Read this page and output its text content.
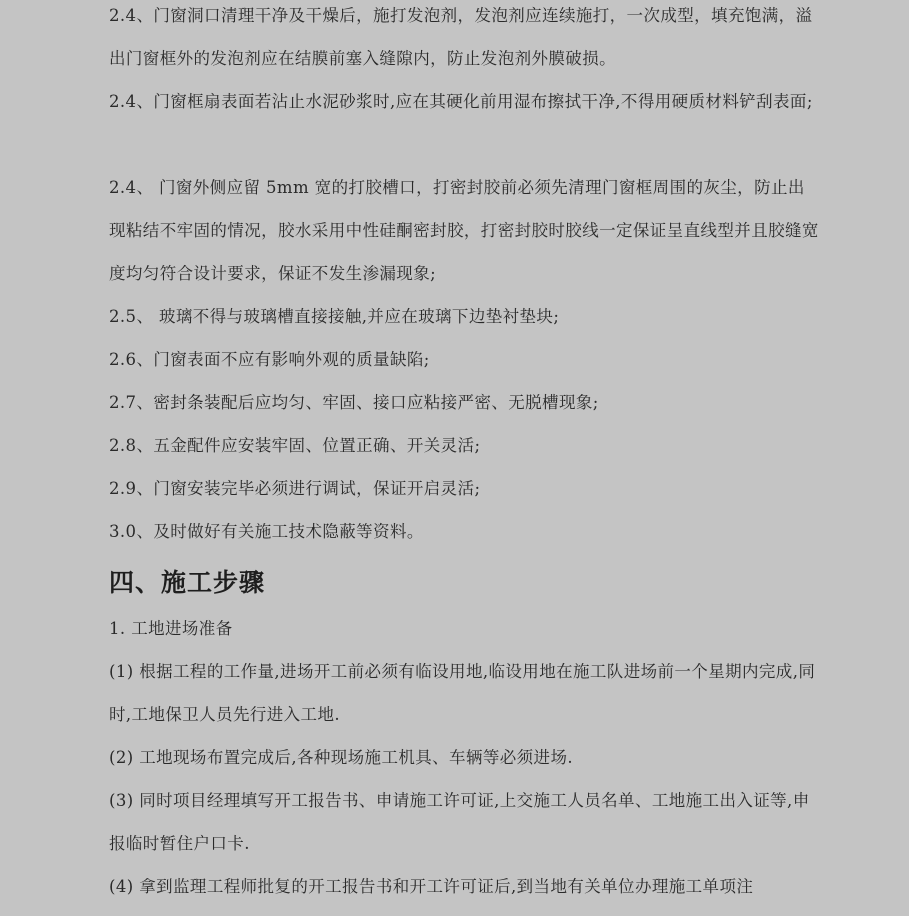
2.4、门窗洞口清理干净及干燥后，施打发泡剂，发泡剂应连续施打，一次成型，填充饱满，溢出门窗框外的发泡剂应在结膜前塞入缝隙内，防止发泡剂外膜破损。

2.4、门窗框扇表面若沾止水泥砂浆时,应在其硬化前用湿布擦拭干净,不得用硬质材料铲刮表面;

2.4、 门窗外侧应留 5mm 宽的打胶槽口，打密封胶前必须先清理门窗框周围的灰尘，防止出现粘结不牢固的情况，胶水采用中性硅酮密封胶，打密封胶时胶线一定保证呈直线型并且胶缝宽度均匀符合设计要求，保证不发生渗漏现象;

2.5、 玻璃不得与玻璃槽直接接触,并应在玻璃下边垫衬垫块;

2.6、门窗表面不应有影响外观的质量缺陷;

2.7、密封条装配后应均匀、牢固、接口应粘接严密、无脱槽现象;

2.8、五金配件应安装牢固、位置正确、开关灵活;

2.9、门窗安装完毕必须进行调试，保证开启灵活;

3.0、及时做好有关施工技术隐蔽等资料。

四、施工步骤

1. 工地进场准备

(1) 根据工程的工作量,进场开工前必须有临设用地,临设用地在施工队进场前一个星期内完成,同时,工地保卫人员先行进入工地.

(2) 工地现场布置完成后,各种现场施工机具、车辆等必须进场.

(3) 同时项目经理填写开工报告书、申请施工许可证,上交施工人员名单、工地施工出入证等,申报临时暂住户口卡.

(4) 拿到监理工程师批复的开工报告书和开工许可证后,到当地有关单位办理施工单项注
